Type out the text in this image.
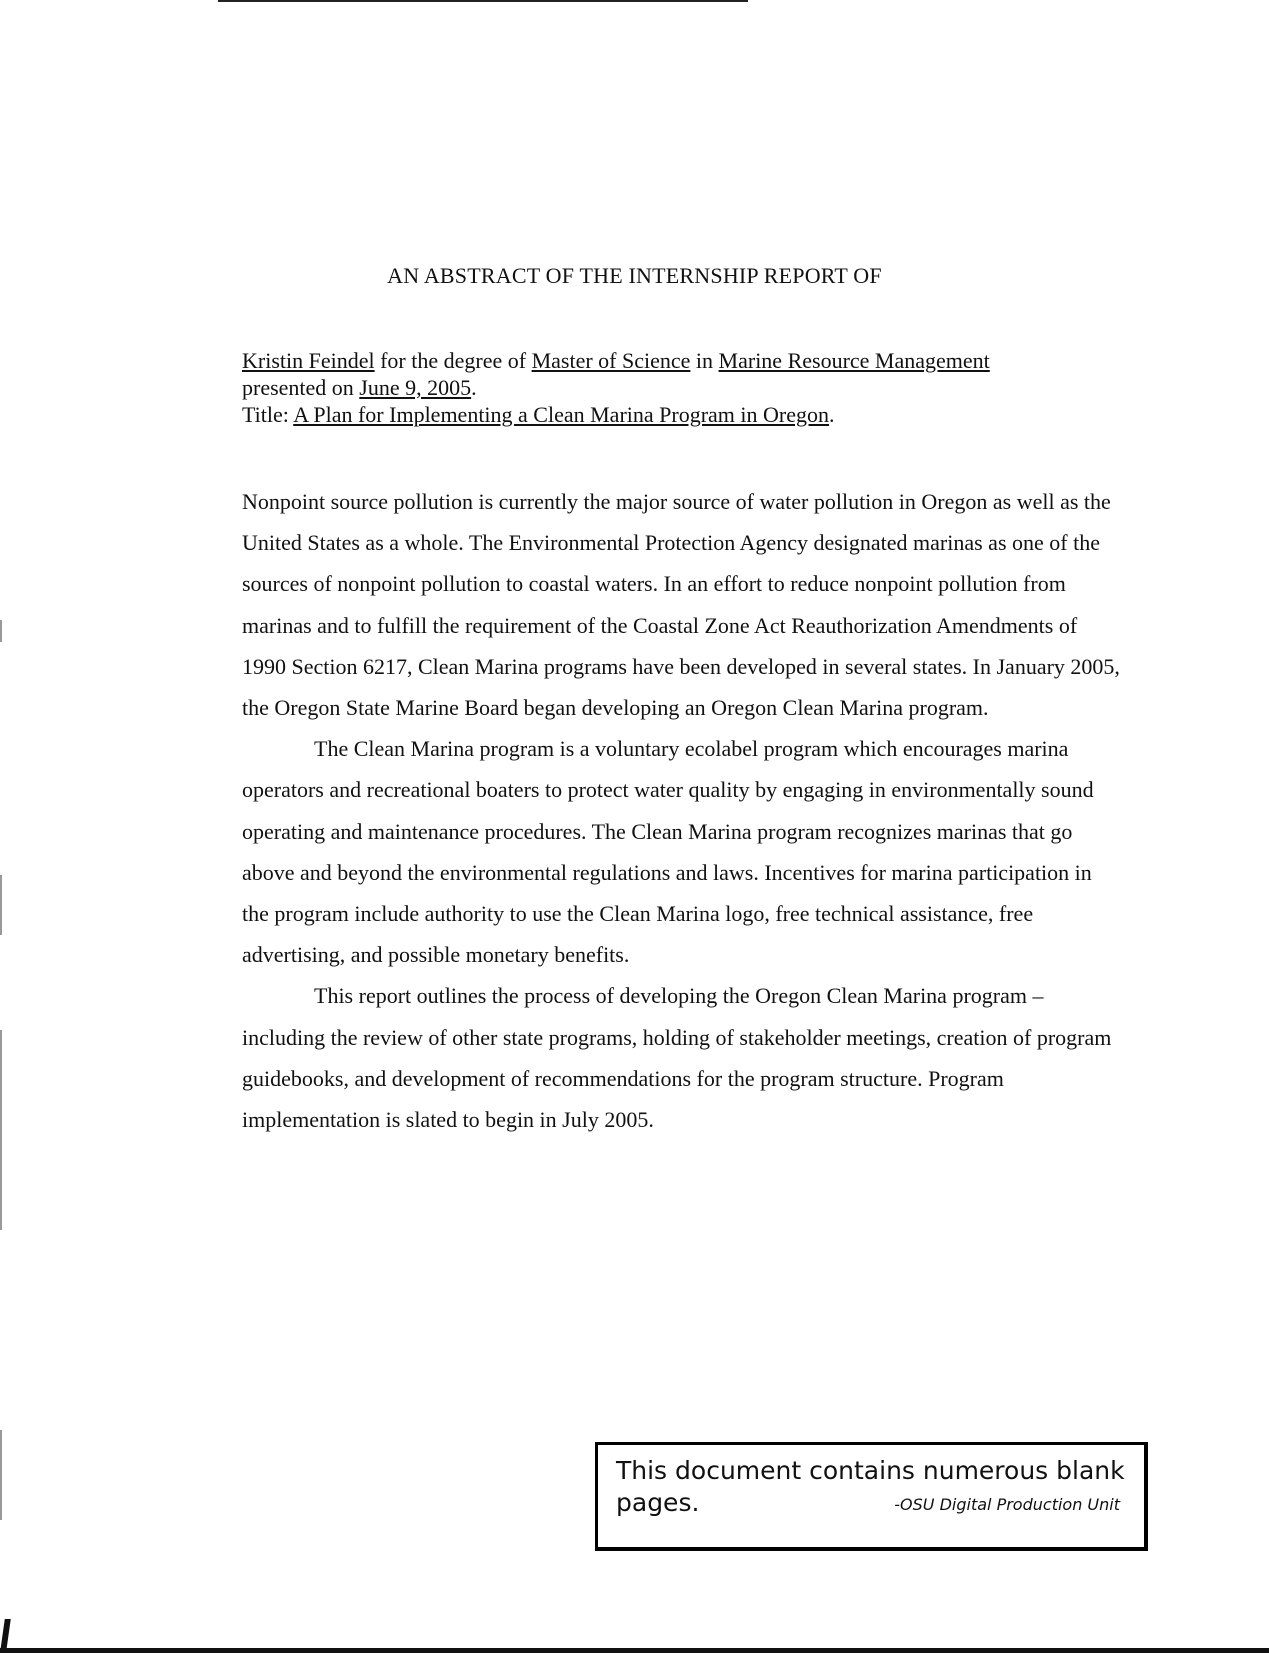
AN ABSTRACT OF THE INTERNSHIP REPORT OF
Kristin Feindel for the degree of Master of Science in Marine Resource Management
presented on June 9, 2005.
Title: A Plan for Implementing a Clean Marina Program in Oregon.

Nonpoint source pollution is currently the major source of water pollution in Oregon as well as the United States as a whole. The Environmental Protection Agency designated marinas as one of the sources of nonpoint pollution to coastal waters. In an effort to reduce nonpoint pollution from marinas and to fulfill the requirement of the Coastal Zone Act Reauthorization Amendments of 1990 Section 6217, Clean Marina programs have been developed in several states. In January 2005, the Oregon State Marine Board began developing an Oregon Clean Marina program.

The Clean Marina program is a voluntary ecolabel program which encourages marina operators and recreational boaters to protect water quality by engaging in environmentally sound operating and maintenance procedures. The Clean Marina program recognizes marinas that go above and beyond the environmental regulations and laws. Incentives for marina participation in the program include authority to use the Clean Marina logo, free technical assistance, free advertising, and possible monetary benefits.

This report outlines the process of developing the Oregon Clean Marina program – including the review of other state programs, holding of stakeholder meetings, creation of program guidebooks, and development of recommendations for the program structure. Program implementation is slated to begin in July 2005.

This document contains numerous blank pages.	-OSU Digital Production Unit
